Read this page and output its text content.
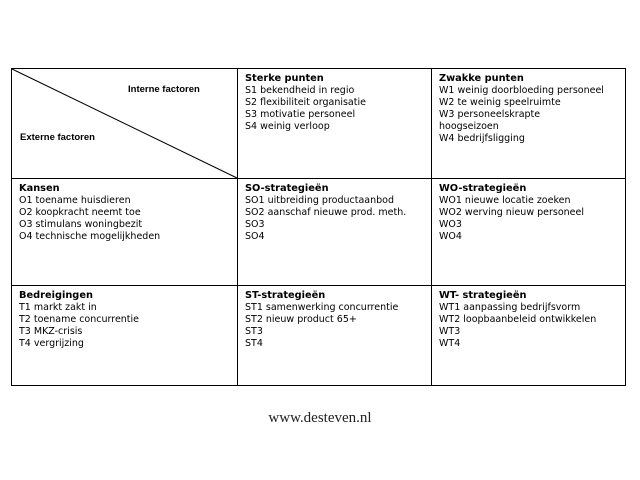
Interne factoren
Externe factoren
Sterke punten
S1 bekendheid in regio
S2 flexibiliteit organisatie
S3 motivatie personeel
S4 weinig verloop
Zwakke punten
W1 weinig doorbloeding personeel
W2 te weinig speelruimte
W3 personeelskrapte
hoogseizoen
W4 bedrijfsligging
Kansen
O1 toename huisdieren
O2 koopkracht neemt toe
O3 stimulans woningbezit
O4 technische mogelijkheden
SO-strategieën
SO1 uitbreiding productaanbod
SO2 aanschaf nieuwe prod. meth.
SO3
SO4
WO-strategieën
WO1 nieuwe locatie zoeken
WO2 werving nieuw personeel
WO3
WO4
Bedreigingen
T1 markt zakt in
T2 toename concurrentie
T3 MKZ-crisis
T4 vergrijzing
ST-strategieën
ST1 samenwerking concurrentie
ST2 nieuw product 65+
ST3
ST4
WT- strategieën
WT1 aanpassing bedrijfsvorm
WT2 loopbaanbeleid ontwikkelen
WT3
WT4
www.desteven.nl
